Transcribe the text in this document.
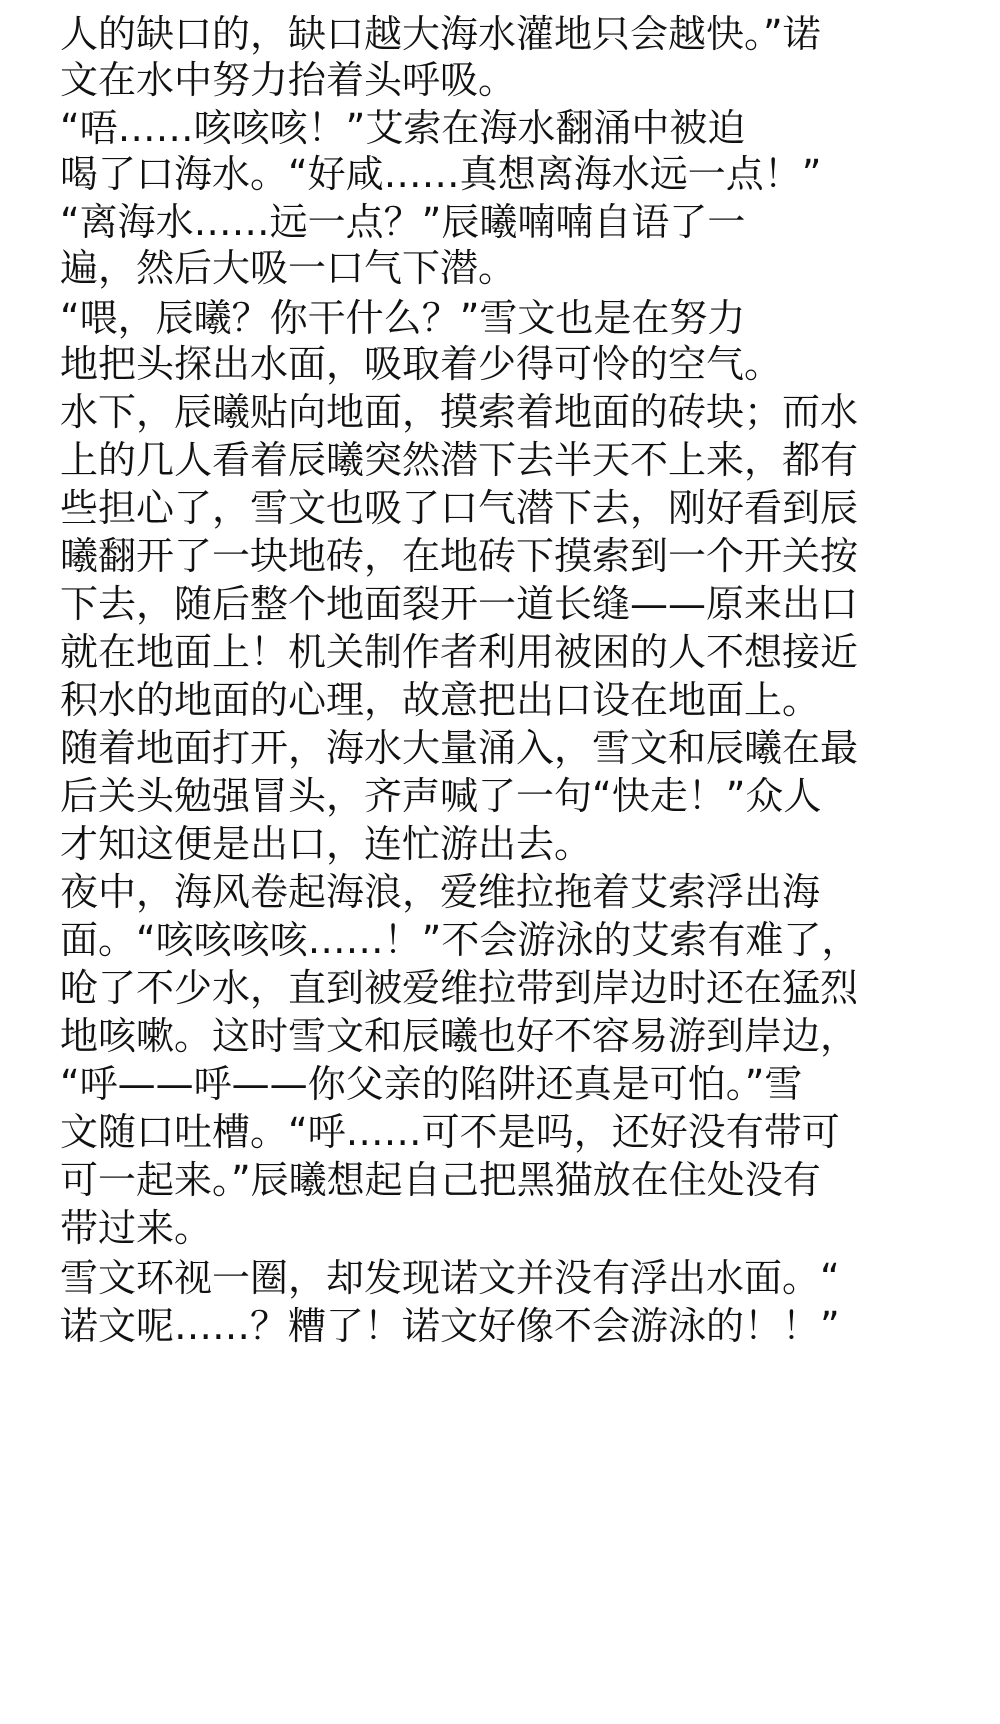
人的缺口的，缺口越大海水灌地只会越快。”诺
文在水中努力抬着头呼吸。
“唔……咳咳咳！”艾索在海水翻涌中被迫
喝了口海水。“好咸……真想离海水远一点！”
“离海水……远一点？”辰曦喃喃自语了一
遍，然后大吸一口气下潜。
“喂，辰曦？你干什么？”雪文也是在努力
地把头探出水面，吸取着少得可怜的空气。
水下，辰曦贴向地面，摸索着地面的砖块；而水
上的几人看着辰曦突然潜下去半天不上来，都有
些担心了，雪文也吸了口气潜下去，刚好看到辰
曦翻开了一块地砖，在地砖下摸索到一个开关按
下去，随后整个地面裂开一道长缝——原来出口
就在地面上！机关制作者利用被困的人不想接近
积水的地面的心理，故意把出口设在地面上。
随着地面打开，海水大量涌入，雪文和辰曦在最
后关头勉强冒头，齐声喊了一句“快走！”众人
才知这便是出口，连忙游出去。
夜中，海风卷起海浪，爱维拉拖着艾索浮出海
面。“咳咳咳咳……！”不会游泳的艾索有难了，
呛了不少水，直到被爱维拉带到岸边时还在猛烈
地咳嗽。这时雪文和辰曦也好不容易游到岸边，
“呼——呼——你父亲的陷阱还真是可怕。”雪
文随口吐槽。“呼……可不是吗，还好没有带可
可一起来。”辰曦想起自己把黑猫放在住处没有
带过来。
雪文环视一圈，却发现诺文并没有浮出水面。“
诺文呢……？糟了！诺文好像不会游泳的！！”
